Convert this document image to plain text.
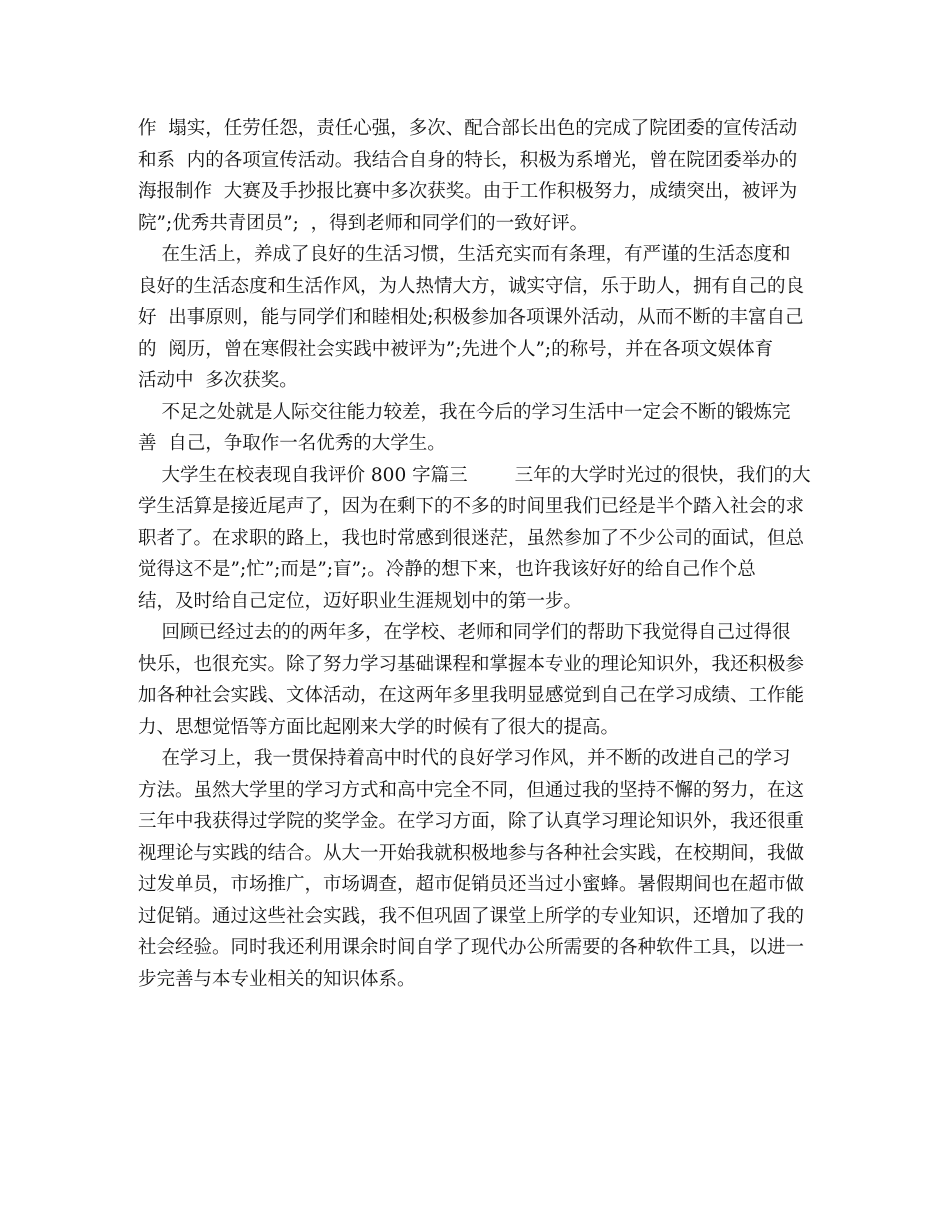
作  塌实，任劳任怨，责任心强，多次、配合部长出色的完成了院团委的宣传活动
和系  内的各项宣传活动。我结合自身的特长，积极为系增光，曾在院团委举办的
海报制作  大赛及手抄报比赛中多次获奖。由于工作积极努力，成绩突出，被评为
院”;优秀共青团员”;  ，得到老师和同学们的一致好评。
在生活上，养成了良好的生活习惯，生活充实而有条理，有严谨的生活态度和
良好的生活态度和生活作风，为人热情大方，诚实守信，乐于助人，拥有自己的良
好  出事原则，能与同学们和睦相处;积极参加各项课外活动，从而不断的丰富自己
的  阅历，曾在寒假社会实践中被评为”;先进个人”;的称号，并在各项文娱体育
活动中  多次获奖。
不足之处就是人际交往能力较差，我在今后的学习生活中一定会不断的锻炼完
善  自己，争取作一名优秀的大学生。
大学生在校表现自我评价 800 字篇三        三年的大学时光过的很快，我们的大
学生活算是接近尾声了，因为在剩下的不多的时间里我们已经是半个踏入社会的求
职者了。在求职的路上，我也时常感到很迷茫，虽然参加了不少公司的面试，但总
觉得这不是”;忙”;而是”;盲”;。冷静的想下来，也许我该好好的给自己作个总
结，及时给自己定位，迈好职业生涯规划中的第一步。
回顾已经过去的的两年多，在学校、老师和同学们的帮助下我觉得自己过得很
快乐，也很充实。除了努力学习基础课程和掌握本专业的理论知识外，我还积极参
加各种社会实践、文体活动，在这两年多里我明显感觉到自己在学习成绩、工作能
力、思想觉悟等方面比起刚来大学的时候有了很大的提高。
在学习上，我一贯保持着高中时代的良好学习作风，并不断的改进自己的学习
方法。虽然大学里的学习方式和高中完全不同，但通过我的坚持不懈的努力，在这
三年中我获得过学院的奖学金。在学习方面，除了认真学习理论知识外，我还很重
视理论与实践的结合。从大一开始我就积极地参与各种社会实践，在校期间，我做
过发单员，市场推广，市场调查，超市促销员还当过小蜜蜂。暑假期间也在超市做
过促销。通过这些社会实践，我不但巩固了课堂上所学的专业知识，还增加了我的
社会经验。同时我还利用课余时间自学了现代办公所需要的各种软件工具，以进一
步完善与本专业相关的知识体系。
